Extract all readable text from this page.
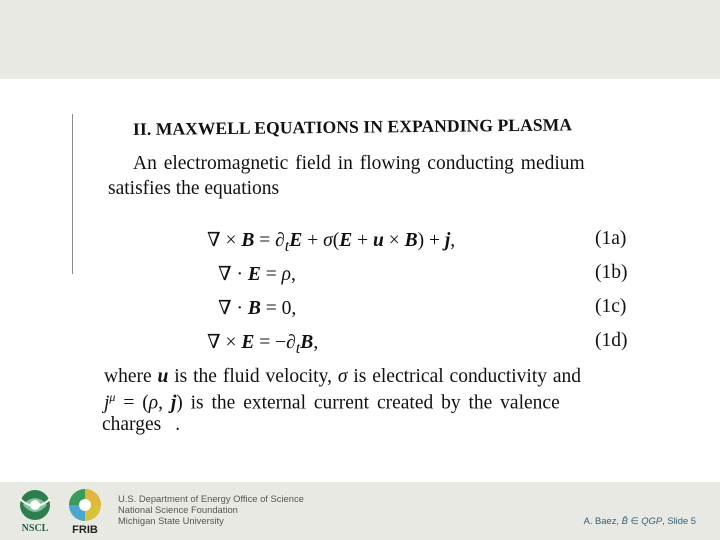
II. MAXWELL EQUATIONS IN EXPANDING PLASMA
An electromagnetic field in flowing conducting medium
satisfies the equations
∇ × $B = \partial_tE + \sigma(E + u \times B) + j$,	(1a)
∇ · E = ρ,	(1b)
∇ · B = 0,	(1c)
∇ × $E = -\partial_tB$,	(1d)
where u is the fluid velocity, σ is electrical conductivity and
$j^\mu = (\rho$, j) is the external current created by the valence
charges .
NSCL FRIB
U.S. Department of Energy Office of Science
National Science Foundation
Michigan State University	A. Baez, B̄ ∈ QGP, Slide 5
